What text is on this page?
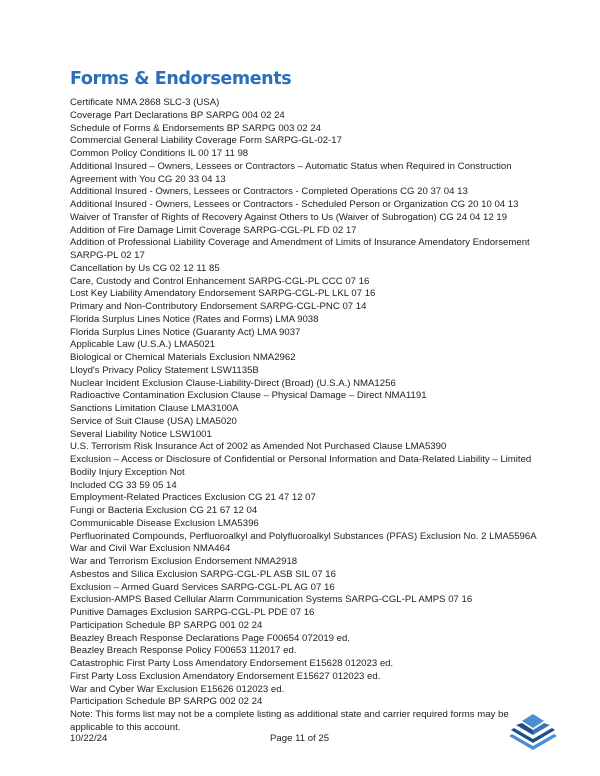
Forms & Endorsements
Certificate NMA 2868 SLC-3 (USA)
Coverage Part Declarations BP SARPG 004 02 24
Schedule of Forms & Endorsements BP SARPG 003 02 24
Commercial General Liability Coverage Form SARPG-GL-02-17
Common Policy Conditions IL 00 17 11 98
Additional Insured – Owners, Lessees or Contractors – Automatic Status when Required in Construction Agreement with You CG 20 33 04 13
Additional Insured - Owners, Lessees or Contractors - Completed Operations CG 20 37 04 13
Additional Insured - Owners, Lessees or Contractors - Scheduled Person or Organization CG 20 10 04 13
Waiver of Transfer of Rights of Recovery Against Others to Us (Waiver of Subrogation) CG 24 04 12 19
Addition of Fire Damage Limit Coverage SARPG-CGL-PL FD 02 17
Addition of Professional Liability Coverage and Amendment of Limits of Insurance Amendatory Endorsement SARPG-PL 02 17
Cancellation by Us CG 02 12 11 85
Care, Custody and Control Enhancement SARPG-CGL-PL CCC 07 16
Lost Key Liability Amendatory Endorsement SARPG-CGL-PL LKL 07 16
Primary and Non-Contributory Endorsement SARPG-CGL-PNC 07 14
Florida Surplus Lines Notice (Rates and Forms) LMA 9038
Florida Surplus Lines Notice (Guaranty Act) LMA 9037
Applicable Law (U.S.A.) LMA5021
Biological or Chemical Materials Exclusion NMA2962
Lloyd's Privacy Policy Statement LSW1135B
Nuclear Incident Exclusion Clause-Liability-Direct (Broad) (U.S.A.) NMA1256
Radioactive Contamination Exclusion Clause – Physical Damage – Direct NMA1191
Sanctions Limitation Clause LMA3100A
Service of Suit Clause (USA) LMA5020
Several Liability Notice LSW1001
U.S. Terrorism Risk Insurance Act of 2002 as Amended Not Purchased Clause LMA5390
Exclusion – Access or Disclosure of Confidential or Personal Information and Data-Related Liability – Limited Bodily Injury Exception Not
Included CG 33 59 05 14
Employment-Related Practices Exclusion CG 21 47 12 07
Fungi or Bacteria Exclusion CG 21 67 12 04
Communicable Disease Exclusion LMA5396
Perfluorinated Compounds, Perfluoroalkyl and Polyfluoroalkyl Substances (PFAS) Exclusion No. 2 LMA5596A
War and Civil War Exclusion NMA464
War and Terrorism Exclusion Endorsement NMA2918
Asbestos and Silica Exclusion SARPG-CGL-PL ASB SIL 07 16
Exclusion – Armed Guard Services SARPG-CGL-PL AG 07 16
Exclusion-AMPS Based Cellular Alarm Communication Systems SARPG-CGL-PL AMPS 07 16
Punitive Damages Exclusion SARPG-CGL-PL PDE 07 16
Participation Schedule BP SARPG 001 02 24
Beazley Breach Response Declarations Page F00654 072019 ed.
Beazley Breach Response Policy F00653 112017 ed.
Catastrophic First Party Loss Amendatory Endorsement E15628 012023 ed.
First Party Loss Exclusion Amendatory Endorsement E15627 012023 ed.
War and Cyber War Exclusion E15626 012023 ed.
Participation Schedule BP SARPG 002 02 24
Note: This forms list may not be a complete listing as additional state and carrier required forms may be applicable to this account.
10/22/24	Page 11 of 25
